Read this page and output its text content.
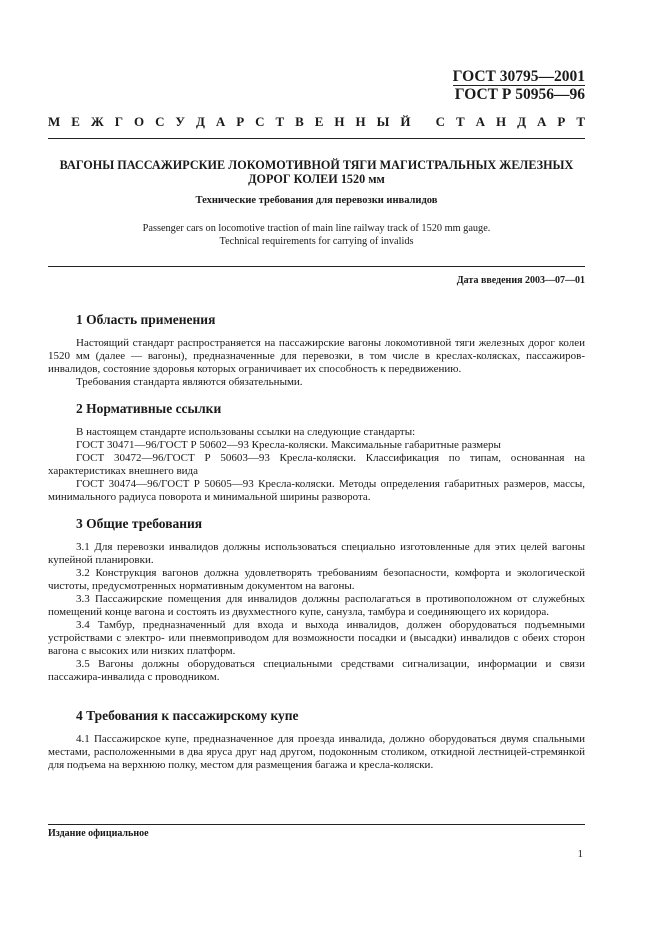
ГОСТ 30795—2001
ГОСТ Р 50956—96
М Е Ж Г О С У Д А Р С Т В Е Н Н Ы Й
С Т А Н Д А Р Т
ВАГОНЫ ПАССАЖИРСКИЕ ЛОКОМОТИВНОЙ ТЯГИ МАГИСТРАЛЬНЫХ ЖЕЛЕЗНЫХ
ДОРОГ КОЛЕИ 1520 мм
Технические требования для перевозки инвалидов
Passenger cars on locomotive traction of main line railway track of 1520 mm gauge.
Technical requirements for carrying of invalids
Дата введения 2003—07—01
1 Область применения

Настоящий стандарт распространяется на пассажирские вагоны локомотивной тяги железных дорог колеи 1520 мм (далее — вагоны), предназначенные для перевозки, в том числе в креслах-колясках, пассажиров-инвалидов, состояние здоровья которых ограничивает их способность к передвижению.

Требования стандарта являются обязательными.

2 Нормативные ссылки

В настоящем стандарте использованы ссылки на следующие стандарты:

ГОСТ 30471—96/ГОСТ Р 50602—93 Кресла-коляски. Максимальные габаритные размеры

ГОСТ 30472—96/ГОСТ Р 50603—93 Кресла-коляски. Классификация по типам, основанная на характеристиках внешнего вида

ГОСТ 30474—96/ГОСТ Р 50605—93 Кресла-коляски. Методы определения габаритных размеров, массы, минимального радиуса поворота и минимальной ширины разворота.

3 Общие требования

3.1 Для перевозки инвалидов должны использоваться специально изготовленные для этих целей вагоны купейной планировки.

3.2 Конструкция вагонов должна удовлетворять требованиям безопасности, комфорта и экологической чистоты, предусмотренных нормативным документом на вагоны.

3.3 Пассажирские помещения для инвалидов должны располагаться в противоположном от служебных помещений конце вагона и состоять из двухместного купе, санузла, тамбура и соединяющего их коридора.

3.4 Тамбур, предназначенный для входа и выхода инвалидов, должен оборудоваться подъемными устройствами с электро- или пневмоприводом для возможности посадки и (высадки) инвалидов с обеих сторон вагона с высоких или низких платформ.

3.5 Вагоны должны оборудоваться специальными средствами сигнализации, информации и связи пассажира-инвалида с проводником.

4 Требования к пассажирскому купе

4.1 Пассажирское купе, предназначенное для проезда инвалида, должно оборудоваться двумя спальными местами, расположенными в два яруса друг над другом, подоконным столиком, откидной лестницей-стремянкой для подъема на верхнюю полку, местом для размещения багажа и кресла-коляски.

Издание официальное
1
